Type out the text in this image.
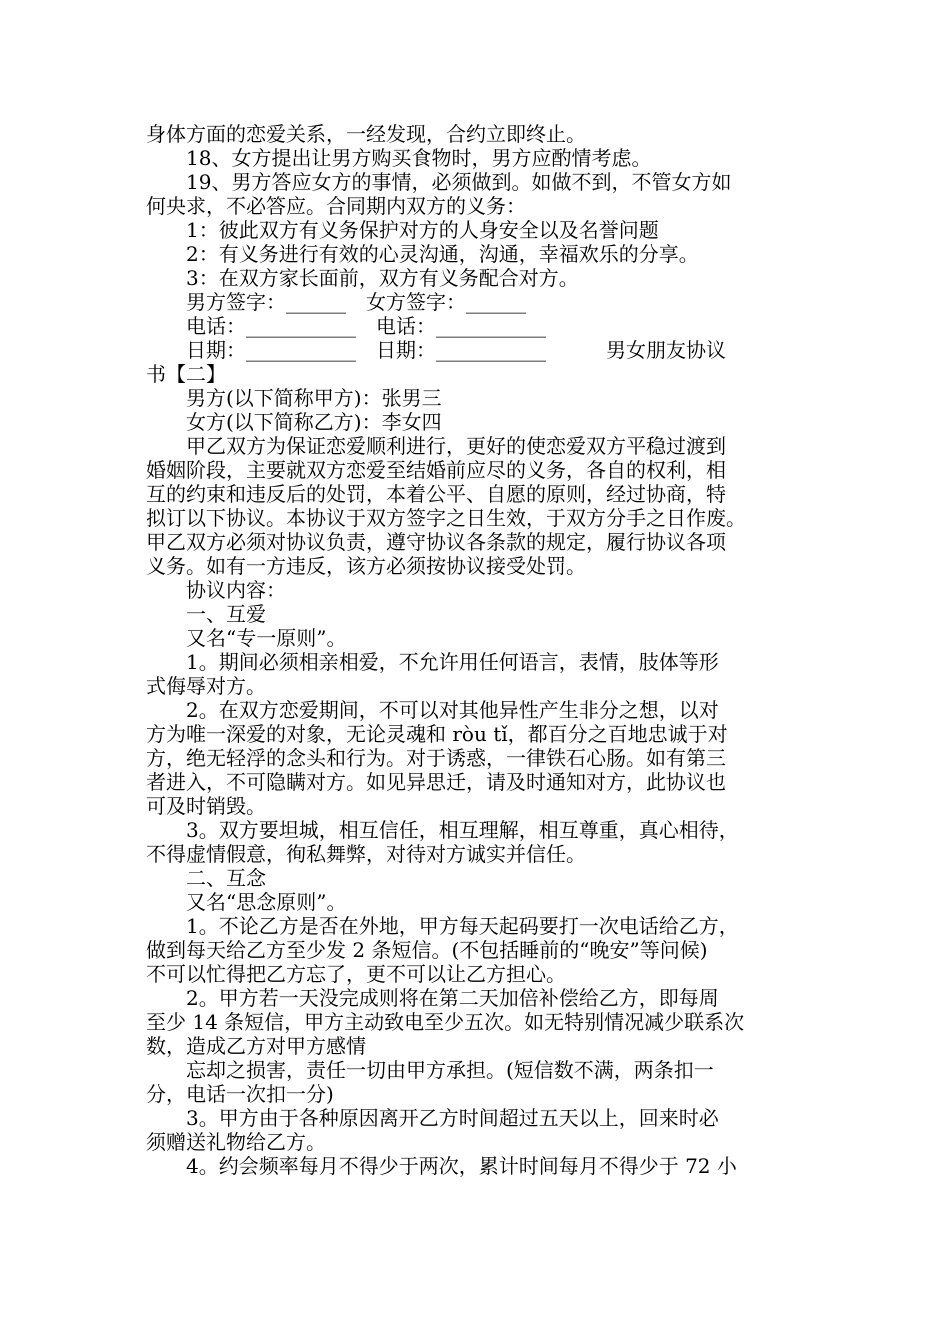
身体方面的恋爱关系，一经发现，合约立即终止。
　　18、女方提出让男方购买食物时，男方应酌情考虑。
　　19、男方答应女方的事情，必须做到。如做不到，不管女方如
何央求，不必答应。合同期内双方的义务：
　　1：彼此双方有义务保护对方的人身安全以及名誉问题
　　2：有义务进行有效的心灵沟通，沟通，幸福欢乐的分享。
　　3：在双方家长面前，双方有义务配合对方。
　　男方签字：______　女方签字：______
　　电话：___________　电话：___________
　　日期：___________　日期：___________　　　男女朋友协议
书【二】
　　男方(以下简称甲方)：张男三
　　女方(以下简称乙方)：李女四
　　甲乙双方为保证恋爱顺利进行，更好的使恋爱双方平稳过渡到
婚姻阶段，主要就双方恋爱至结婚前应尽的义务，各自的权利，相
互的约束和违反后的处罚，本着公平、自愿的原则，经过协商，特
拟订以下协议。本协议于双方签字之日生效，于双方分手之日作废。
甲乙双方必须对协议负责，遵守协议各条款的规定，履行协议各项
义务。如有一方违反，该方必须按协议接受处罚。
　　协议内容：
　　一、互爱
　　又名“专一原则”。
　　1。期间必须相亲相爱，不允许用任何语言，表情，肢体等形
式侮辱对方。
　　2。在双方恋爱期间，不可以对其他异性产生非分之想，以对
方为唯一深爱的对象，无论灵魂和 ròu tǐ，都百分之百地忠诚于对
方，绝无轻浮的念头和行为。对于诱惑，一律铁石心肠。如有第三
者进入，不可隐瞒对方。如见异思迁，请及时通知对方，此协议也
可及时销毁。
　　3。双方要坦城，相互信任，相互理解，相互尊重，真心相待，
不得虚情假意，徇私舞弊，对待对方诚实并信任。
　　二、互念
　　又名“思念原则”。
　　1。不论乙方是否在外地，甲方每天起码要打一次电话给乙方，
做到每天给乙方至少发 2 条短信。(不包括睡前的“晚安”等问候)
不可以忙得把乙方忘了，更不可以让乙方担心。
　　2。甲方若一天没完成则将在第二天加倍补偿给乙方，即每周
至少 14 条短信，甲方主动致电至少五次。如无特别情况减少联系次
数，造成乙方对甲方感情
　　忘却之损害，责任一切由甲方承担。(短信数不满，两条扣一
分，电话一次扣一分)
　　3。甲方由于各种原因离开乙方时间超过五天以上，回来时必
须赠送礼物给乙方。
　　4。约会频率每月不得少于两次，累计时间每月不得少于 72 小
